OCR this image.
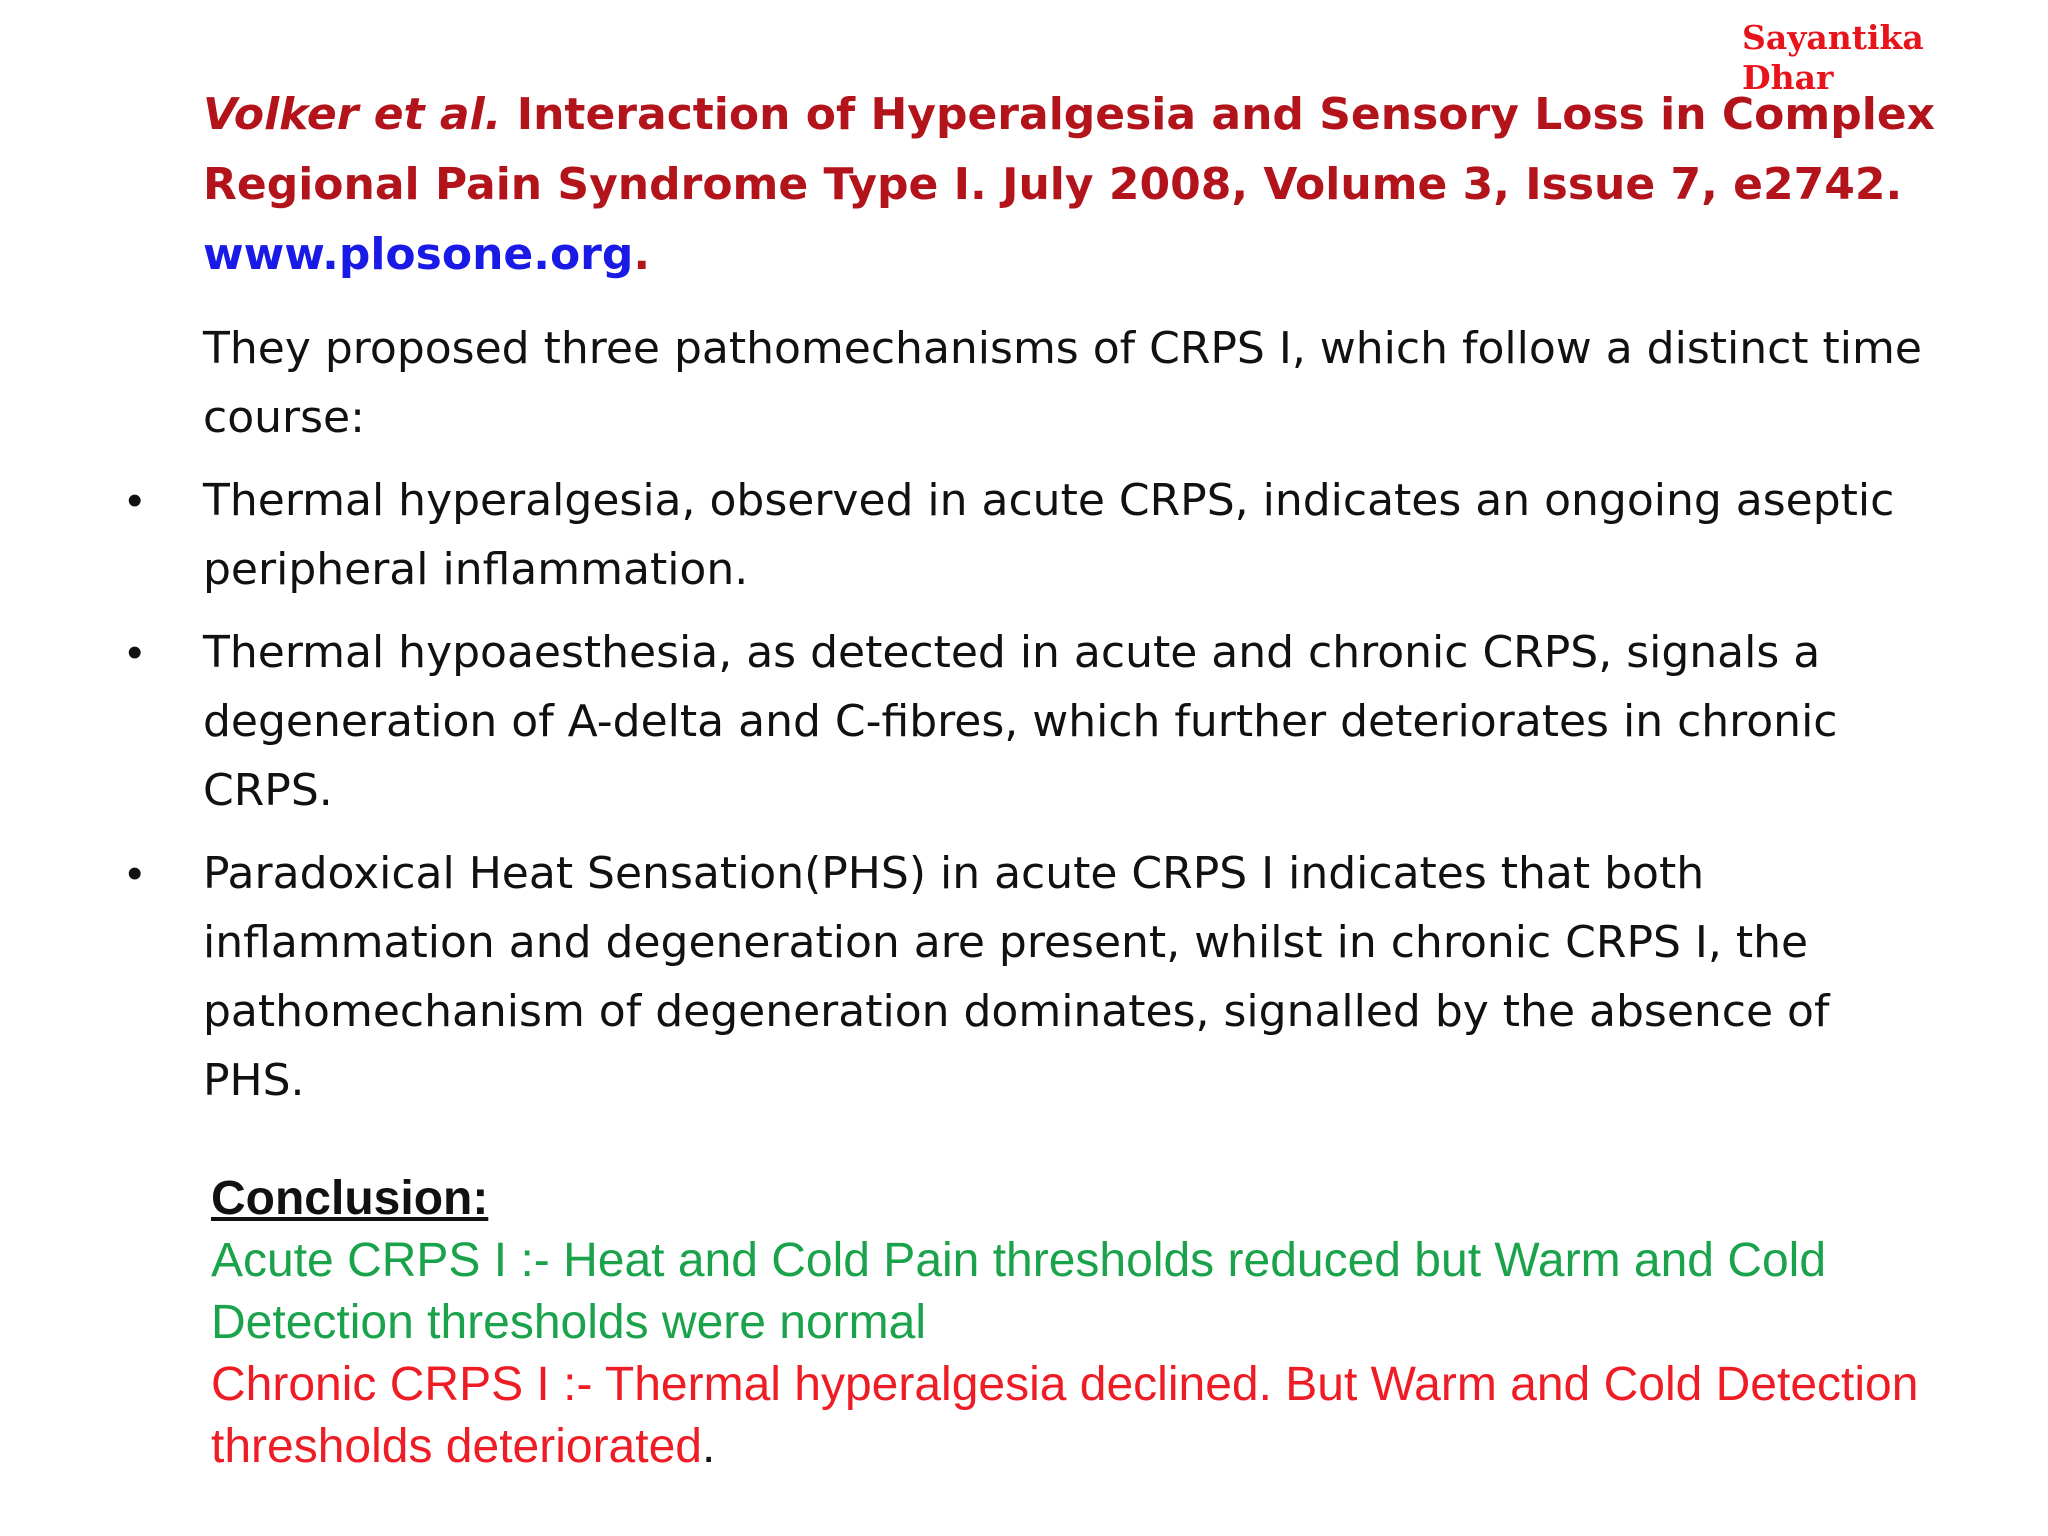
Sayantika
Dhar
Volker et al. Interaction of Hyperalgesia and Sensory Loss in Complex Regional Pain Syndrome Type I. July 2008, Volume 3, Issue 7, e2742.
www.plosone.org.

They proposed three pathomechanisms of CRPS I, which follow a distinct time course:

• Thermal hyperalgesia, observed in acute CRPS, indicates an ongoing aseptic peripheral inflammation.
• Thermal hypoaesthesia, as detected in acute and chronic CRPS, signals a degeneration of A-delta and C-fibres, which further deteriorates in chronic CRPS.
• Paradoxical Heat Sensation(PHS) in acute CRPS I indicates that both inflammation and degeneration are present, whilst in chronic CRPS I, the pathomechanism of degeneration dominates, signalled by the absence of PHS.
Conclusion:
Acute CRPS I :- Heat and Cold Pain thresholds reduced but Warm and Cold Detection thresholds were normal
Chronic CRPS I :- Thermal hyperalgesia declined. But Warm and Cold Detection thresholds deteriorated.
